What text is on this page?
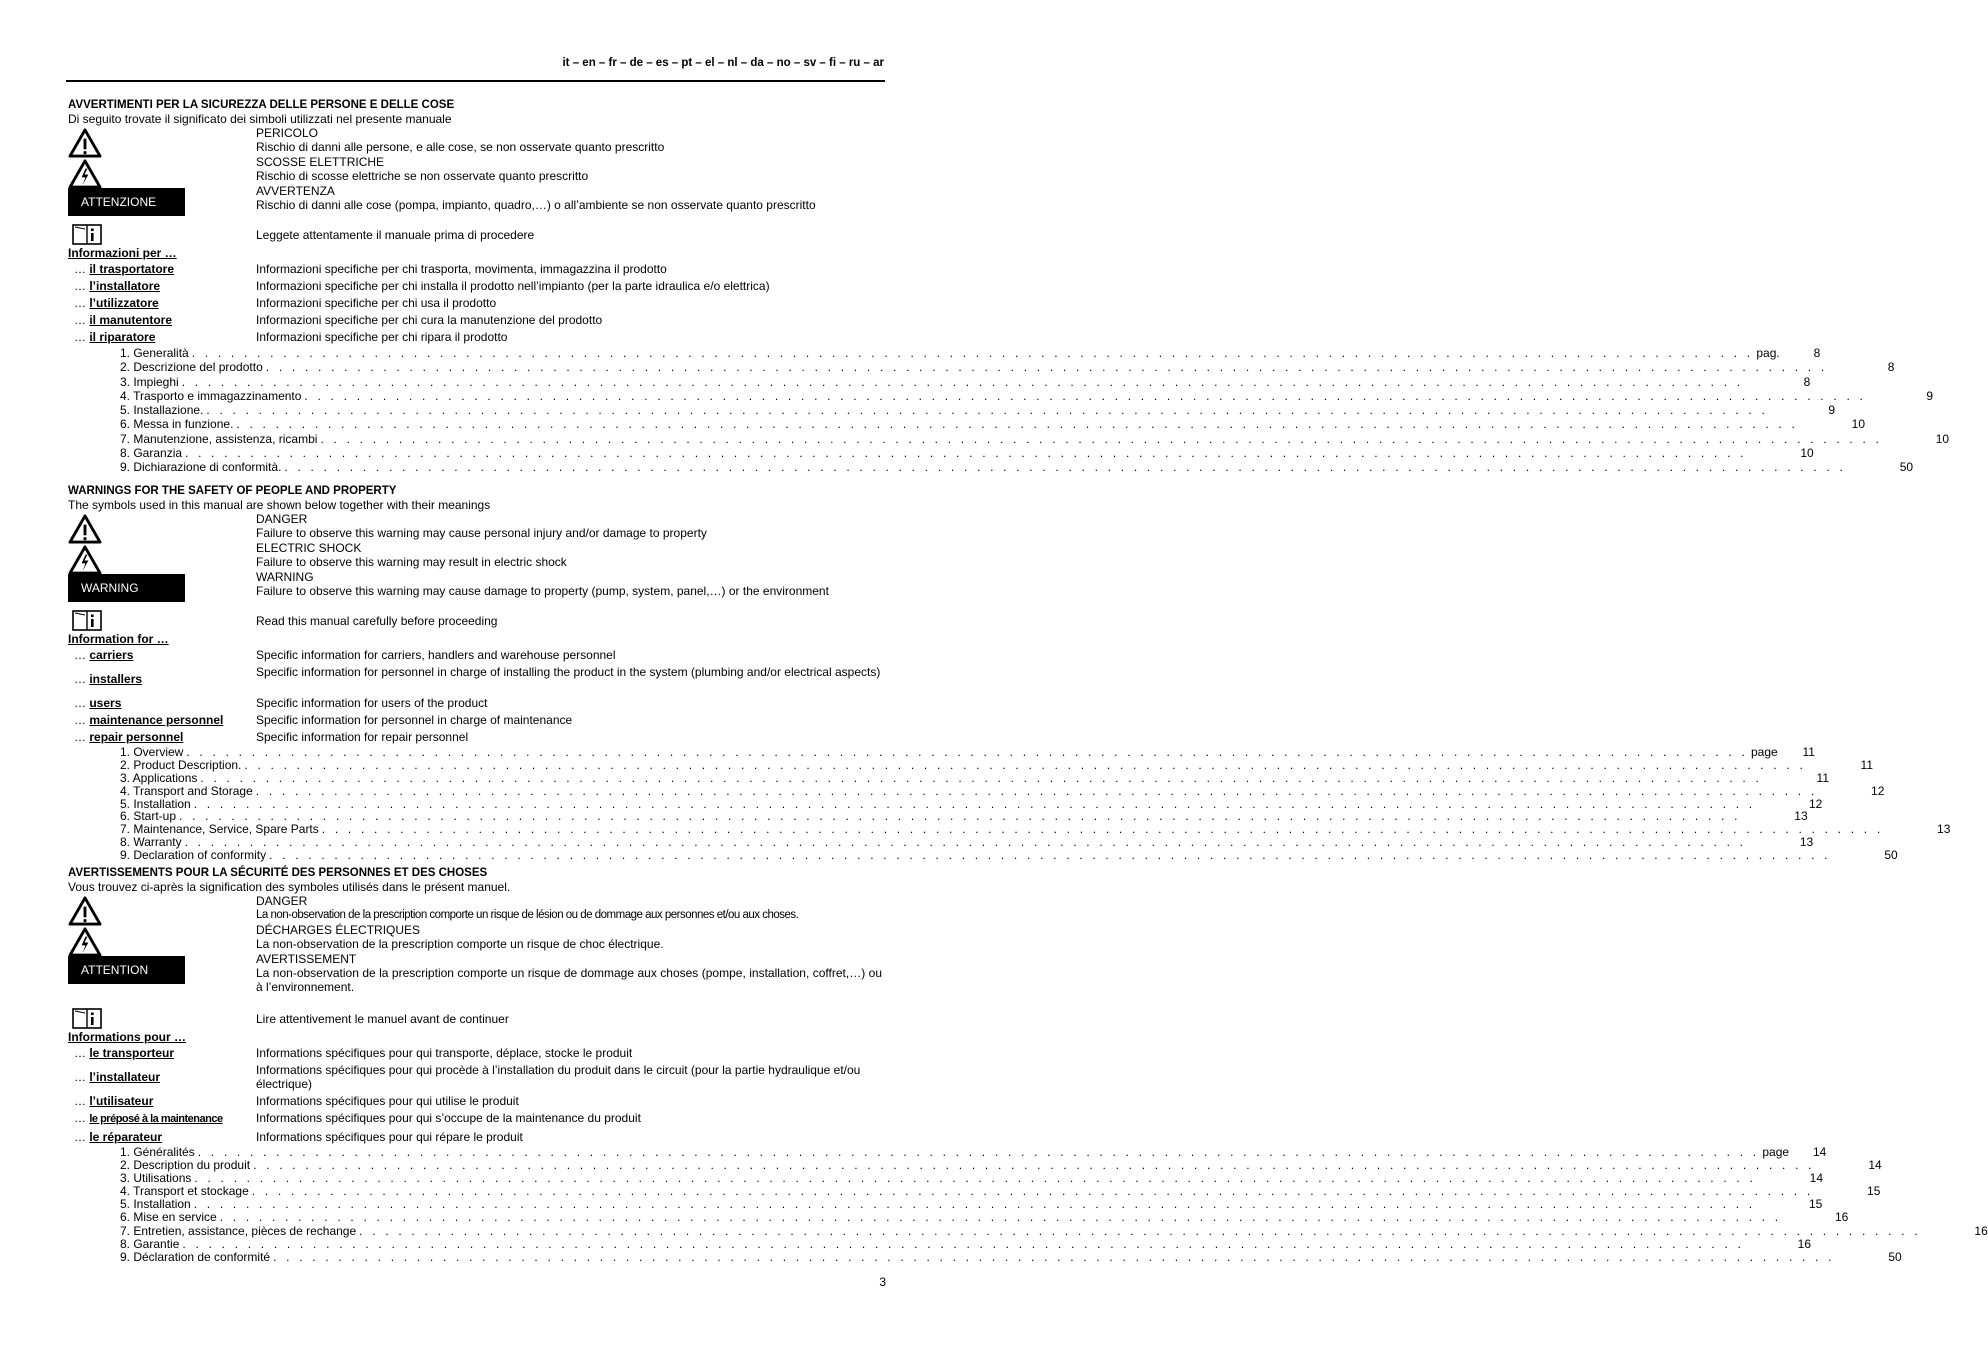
it – en – fr – de – es – pt – el – nl – da – no – sv – fi – ru – ar
AVVERTIMENTI PER LA SICUREZZA DELLE PERSONE E DELLE COSE
Di seguito trovate il significato dei simboli utilizzati nel presente manuale
ATTENZIONE
PERICOLO
Rischio di danni alle persone, e alle cose, se non osservate quanto prescritto
SCOSSE ELETTRICHE
Rischio di scosse elettriche se non osservate quanto prescritto
AVVERTENZA
Rischio di danni alle cose (pompa, impianto, quadro,…) o all’ambiente se non osservate quanto prescritto
Leggete attentamente il manuale prima di procedere
Informazioni per …
… il trasportatore	Informazioni specifiche per chi trasporta, movimenta, immagazzina il prodotto
… l’installatore	Informazioni specifiche per chi installa il prodotto nell’impianto (per la parte idraulica e/o elettrica)
… l’utilizzatore	Informazioni specifiche per chi usa il prodotto
… il manutentore	Informazioni specifiche per chi cura la manutenzione del prodotto
… il riparatore	Informazioni specifiche per chi ripara il prodotto
1. Generalità . . . . . . . . . . . . . . . . . . . . . . . . . . . . . . . . . . . . . . . . . . . . . . . . . . . . . . . . . . . . . . . . . . . . . . . . . . . . . . . . . . . . . . . . . . . . . . . . . . . . . . . . . . . . . . . . . . . . . . . . pag.	8
2. Descrizione del prodotto . . . . . . . . . . . . . . . . . . . . . . . . . . . . . . . . . . . . . . . . . . . . . . . . . . . . . . . . . . . . . . . . . . . . . . . . . . . . . . . . . . . . . . . . . . . . . . . . . . . . . . . . . . . . . . . . . . . . . . . .	8
3. Impieghi . . . . . . . . . . . . . . . . . . . . . . . . . . . . . . . . . . . . . . . . . . . . . . . . . . . . . . . . . . . . . . . . . . . . . . . . . . . . . . . . . . . . . . . . . . . . . . . . . . . . . . . . . . . . . . . . . . . . . . . .	8
4. Trasporto e immagazzinamento . . . . . . . . . . . . . . . . . . . . . . . . . . . . . . . . . . . . . . . . . . . . . . . . . . . . . . . . . . . . . . . . . . . . . . . . . . . . . . . . . . . . . . . . . . . . . . . . . . . . . . . . . . . . . . . . . . . . . . . .	9
5. Installazione. . . . . . . . . . . . . . . . . . . . . . . . . . . . . . . . . . . . . . . . . . . . . . . . . . . . . . . . . . . . . . . . . . . . . . . . . . . . . . . . . . . . . . . . . . . . . . . . . . . . . . . . . . . . . . . . . . . . . . . . .	9
6. Messa in funzione. . . . . . . . . . . . . . . . . . . . . . . . . . . . . . . . . . . . . . . . . . . . . . . . . . . . . . . . . . . . . . . . . . . . . . . . . . . . . . . . . . . . . . . . . . . . . . . . . . . . . . . . . . . . . . . . . . . . . . . . .	10
7. Manutenzione, assistenza, ricambi . . . . . . . . . . . . . . . . . . . . . . . . . . . . . . . . . . . . . . . . . . . . . . . . . . . . . . . . . . . . . . . . . . . . . . . . . . . . . . . . . . . . . . . . . . . . . . . . . . . . . . . . . . . . . . . . . . . . . . . .	10
8. Garanzia . . . . . . . . . . . . . . . . . . . . . . . . . . . . . . . . . . . . . . . . . . . . . . . . . . . . . . . . . . . . . . . . . . . . . . . . . . . . . . . . . . . . . . . . . . . . . . . . . . . . . . . . . . . . . . . . . . . . . . . .	10
9. Dichiarazione di conformità. . . . . . . . . . . . . . . . . . . . . . . . . . . . . . . . . . . . . . . . . . . . . . . . . . . . . . . . . . . . . . . . . . . . . . . . . . . . . . . . . . . . . . . . . . . . . . . . . . . . . . . . . . . . . . . . . . . . . . . . .	50
WARNINGS FOR THE SAFETY OF PEOPLE AND PROPERTY
The symbols used in this manual are shown below together with their meanings
WARNING
DANGER
Failure to observe this warning may cause personal injury and/or damage to property
ELECTRIC SHOCK
Failure to observe this warning may result in electric shock
WARNING
Failure to observe this warning may cause damage to property (pump, system, panel,…) or the environment
Read this manual carefully before proceeding
Information for …
… carriers	Specific information for carriers, handlers and warehouse personnel
… installers	Specific information for personnel in charge of installing the product in the system (plumbing and/or electrical aspects)
… users	Specific information for users of the product
… maintenance personnel	Specific information for personnel in charge of maintenance
… repair personnel	Specific information for repair personnel
1. Overview . . . . . . . . . . . . . . . . . . . . . . . . . . . . . . . . . . . . . . . . . . . . . . . . . . . . . . . . . . . . . . . . . . . . . . . . . . . . . . . . . . . . . . . . . . . . . . . . . . . . . . . . . . . . . . . . . . . . . . . . page	11
2. Product Description. . . . . . . . . . . . . . . . . . . . . . . . . . . . . . . . . . . . . . . . . . . . . . . . . . . . . . . . . . . . . . . . . . . . . . . . . . . . . . . . . . . . . . . . . . . . . . . . . . . . . . . . . . . . . . . . . . . . . . . . .	11
3. Applications . . . . . . . . . . . . . . . . . . . . . . . . . . . . . . . . . . . . . . . . . . . . . . . . . . . . . . . . . . . . . . . . . . . . . . . . . . . . . . . . . . . . . . . . . . . . . . . . . . . . . . . . . . . . . . . . . . . . . . . .	11
4. Transport and Storage . . . . . . . . . . . . . . . . . . . . . . . . . . . . . . . . . . . . . . . . . . . . . . . . . . . . . . . . . . . . . . . . . . . . . . . . . . . . . . . . . . . . . . . . . . . . . . . . . . . . . . . . . . . . . . . . . . . . . . . .	12
5. Installation . . . . . . . . . . . . . . . . . . . . . . . . . . . . . . . . . . . . . . . . . . . . . . . . . . . . . . . . . . . . . . . . . . . . . . . . . . . . . . . . . . . . . . . . . . . . . . . . . . . . . . . . . . . . . . . . . . . . . . . .	12
6. Start-up . . . . . . . . . . . . . . . . . . . . . . . . . . . . . . . . . . . . . . . . . . . . . . . . . . . . . . . . . . . . . . . . . . . . . . . . . . . . . . . . . . . . . . . . . . . . . . . . . . . . . . . . . . . . . . . . . . . . . . . .	13
7. Maintenance, Service, Spare Parts . . . . . . . . . . . . . . . . . . . . . . . . . . . . . . . . . . . . . . . . . . . . . . . . . . . . . . . . . . . . . . . . . . . . . . . . . . . . . . . . . . . . . . . . . . . . . . . . . . . . . . . . . . . . . . . . . . . . . . . .	13
8. Warranty . . . . . . . . . . . . . . . . . . . . . . . . . . . . . . . . . . . . . . . . . . . . . . . . . . . . . . . . . . . . . . . . . . . . . . . . . . . . . . . . . . . . . . . . . . . . . . . . . . . . . . . . . . . . . . . . . . . . . . . .	13
9. Declaration of conformity . . . . . . . . . . . . . . . . . . . . . . . . . . . . . . . . . . . . . . . . . . . . . . . . . . . . . . . . . . . . . . . . . . . . . . . . . . . . . . . . . . . . . . . . . . . . . . . . . . . . . . . . . . . . . . . . . . . . . . . .	50
AVERTISSEMENTS POUR LA SÉCURITÉ DES PERSONNES ET DES CHOSES
Vous trouvez ci-après la signification des symboles utilisés dans le présent manuel.
ATTENTION
DANGER
La non-observation de la prescription comporte un risque de lésion ou de dommage aux personnes et/ou aux choses.
DÉCHARGES ÉLECTRIQUES
La non-observation de la prescription comporte un risque de choc électrique.
AVERTISSEMENT
La non-observation de la prescription comporte un risque de dommage aux choses (pompe, installation, coffret,…) ou à l’environnement.
Lire attentivement le manuel avant de continuer
Informations pour …
… le transporteur	Informations spécifiques pour qui transporte, déplace, stocke le produit
… l’installateur	Informations spécifiques pour qui procède à l’installation du produit dans le circuit (pour la partie hydraulique et/ou électrique)
… l’utilisateur	Informations spécifiques pour qui utilise le produit
… le préposé à la maintenance	Informations spécifiques pour qui s’occupe de la maintenance du produit
… le réparateur	Informations spécifiques pour qui répare le produit
1. Généralités . . . . . . . . . . . . . . . . . . . . . . . . . . . . . . . . . . . . . . . . . . . . . . . . . . . . . . . . . . . . . . . . . . . . . . . . . . . . . . . . . . . . . . . . . . . . . . . . . . . . . . . . . . . . . . . . . . . . . . . . page	14
2. Description du produit . . . . . . . . . . . . . . . . . . . . . . . . . . . . . . . . . . . . . . . . . . . . . . . . . . . . . . . . . . . . . . . . . . . . . . . . . . . . . . . . . . . . . . . . . . . . . . . . . . . . . . . . . . . . . . . . . . . . . . . .	14
3. Utilisations . . . . . . . . . . . . . . . . . . . . . . . . . . . . . . . . . . . . . . . . . . . . . . . . . . . . . . . . . . . . . . . . . . . . . . . . . . . . . . . . . . . . . . . . . . . . . . . . . . . . . . . . . . . . . . . . . . . . . . . .	14
4. Transport et stockage . . . . . . . . . . . . . . . . . . . . . . . . . . . . . . . . . . . . . . . . . . . . . . . . . . . . . . . . . . . . . . . . . . . . . . . . . . . . . . . . . . . . . . . . . . . . . . . . . . . . . . . . . . . . . . . . . . . . . . . .	15
5. Installation . . . . . . . . . . . . . . . . . . . . . . . . . . . . . . . . . . . . . . . . . . . . . . . . . . . . . . . . . . . . . . . . . . . . . . . . . . . . . . . . . . . . . . . . . . . . . . . . . . . . . . . . . . . . . . . . . . . . . . . .	15
6. Mise en service . . . . . . . . . . . . . . . . . . . . . . . . . . . . . . . . . . . . . . . . . . . . . . . . . . . . . . . . . . . . . . . . . . . . . . . . . . . . . . . . . . . . . . . . . . . . . . . . . . . . . . . . . . . . . . . . . . . . . . . .	16
7. Entretien, assistance, pièces de rechange . . . . . . . . . . . . . . . . . . . . . . . . . . . . . . . . . . . . . . . . . . . . . . . . . . . . . . . . . . . . . . . . . . . . . . . . . . . . . . . . . . . . . . . . . . . . . . . . . . . . . . . . . . . . . . . . . . . . . . . .	16
8. Garantie . . . . . . . . . . . . . . . . . . . . . . . . . . . . . . . . . . . . . . . . . . . . . . . . . . . . . . . . . . . . . . . . . . . . . . . . . . . . . . . . . . . . . . . . . . . . . . . . . . . . . . . . . . . . . . . . . . . . . . . .	16
9. Déclaration de conformité . . . . . . . . . . . . . . . . . . . . . . . . . . . . . . . . . . . . . . . . . . . . . . . . . . . . . . . . . . . . . . . . . . . . . . . . . . . . . . . . . . . . . . . . . . . . . . . . . . . . . . . . . . . . . . . . . . . . . . . .	50
3
